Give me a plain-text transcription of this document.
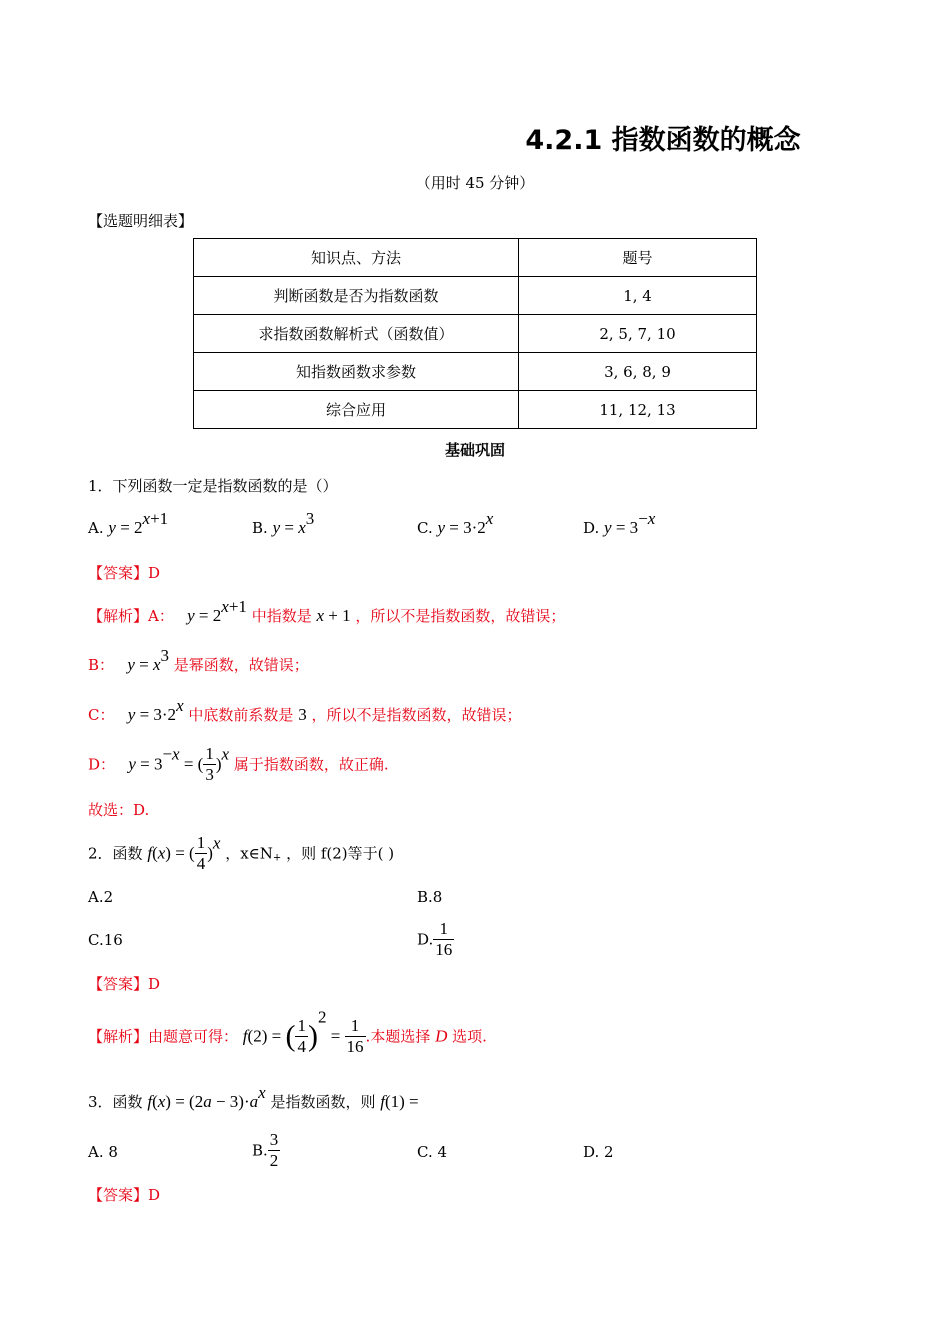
4.2.1 指数函数的概念
（用时 45 分钟）
【选题明细表】
知识点、方法	题号
判断函数是否为指数函数	1, 4
求指数函数解析式（函数值）	2, 5, 7, 10
知指数函数求参数	3, 6, 8, 9
综合应用	11, 12, 13
基础巩固
1．下列函数一定是指数函数的是（）
A. $y = 2^{x+1}$	B. $y = x^3$	C. $y = 3\cdot 2^x$	D. $y = 3^{-x}$
【答案】D
【解析】A：   $y = 2^{x+1}$ 中指数是 x + 1 ，所以不是指数函数，故错误；
B：   $y = x^3$ 是幂函数，故错误；
C：   $y = 3\cdot 2^x$ 中底数前系数是 3 ，所以不是指数函数，故错误；
D：   $y = 3^{-x}$ = ( $\frac{1}{3} )^x$ 属于指数函数，故正确.
故选：D.
2．函数 f(x) = ( $\frac{1}{4} )^x$ ，$x\in N_+$ ，则 f(2)等于( )
A.2	B.8
C.16	D. $\frac{1}{16}$
【答案】D
【解析】由题意可得： f(2) = ( $\frac{1}{4} )^2 = \frac{1}{16}$ .本题选择 D 选项.
3．函数 $f(x) = (2a - 3)\cdot a^x$ 是指数函数，则 f(1) =
A. 8	B. $\frac{3}{2}$	C. 4	D. 2
【答案】D
